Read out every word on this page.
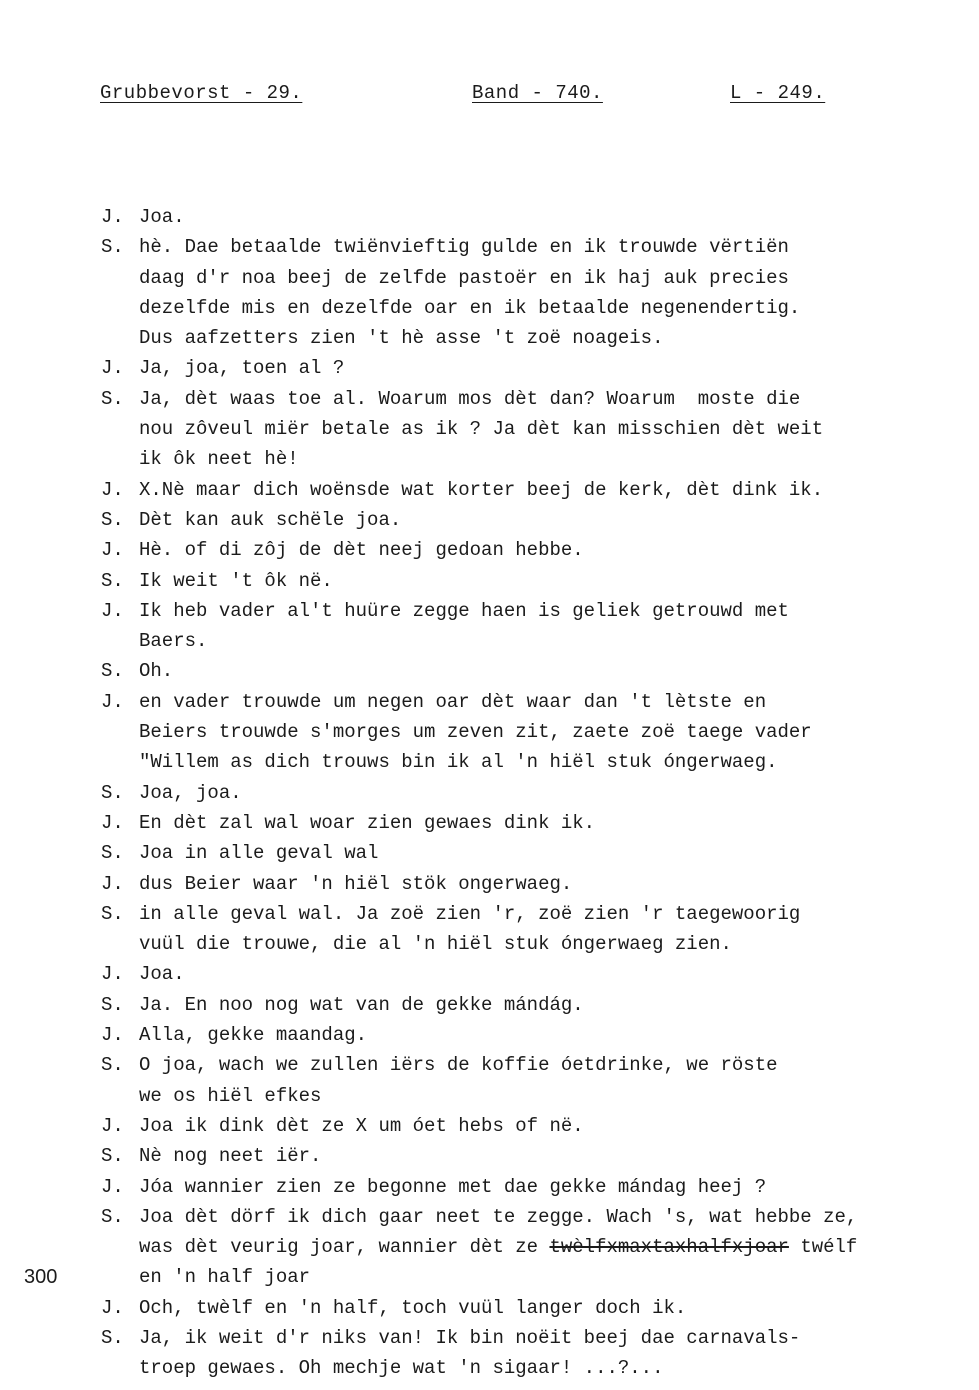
Grubbevorst - 29.	Band - 740.	L - 249.
J. Joa.
S. hè. Dae betaalde twiënvieftig gulde en ik trouwde vërtiën
daag d'r noa beej de zelfde pastoër en ik haj auk precies
dezelfde mis en dezelfde oar en ik betaalde negenendertig.
Dus aafzetters zien 't hè asse 't zoë noageis.
J. Ja, joa, toen al ?
S. Ja, dèt waas toe al. Woarum mos dèt dan? Woarum  moste die
nou zôveul miër betale as ik ? Ja dèt kan misschien dèt weit
ik ôk neet hè!
J. X.Nè maar dich woënsde wat korter beej de kerk, dèt dink ik.
S. Dèt kan auk schële joa.
J. Hè. of di zôj de dèt neej gedoan hebbe.
S. Ik weit 't ôk në.
J. Ik heb vader al't huüre zegge haen is geliek getrouwd met
Baers.
S. Oh.
J. en vader trouwde um negen oar dèt waar dan 't lètste en
Beiers trouwde s'morges um zeven zit, zaete zoë taege vader
"Willem as dich trouws bin ik al 'n hiël stuk óngerwaeg.
S. Joa, joa.
J. En dèt zal wal woar zien gewaes dink ik.
S. Joa in alle geval wal
J. dus Beier waar 'n hiël stök ongerwaeg.
S. in alle geval wal. Ja zoë zien 'r, zoë zien 'r taegewoorig
vuül die trouwe, die al 'n hiël stuk óngerwaeg zien.
J. Joa.
S. Ja. En noo nog wat van de gekke mándág.
J. Alla, gekke maandag.
S. O joa, wach we zullen iërs de koffie óetdrinke, we röste
we os hiël efkes
J. Joa ik dink dèt ze X um óet hebs of në.
S. Nè nog neet iër.
J. Jóa wannier zien ze begonne met dae gekke mándag heej ?
S. Joa dèt dörf ik dich gaar neet te zegge. Wach 's, wat hebbe ze,
was dèt veurig joar, wannier dèt ze twèlfxmaxtaxhalfxjoar twélf
300	en 'n half joar
J. Och, twèlf en 'n half, toch vuül langer doch ik.
S. Ja, ik weit d'r niks van! Ik bin noëit beej dae carnavals-
troep gewaes. Oh mechje wat 'n sigaar! ...?...
